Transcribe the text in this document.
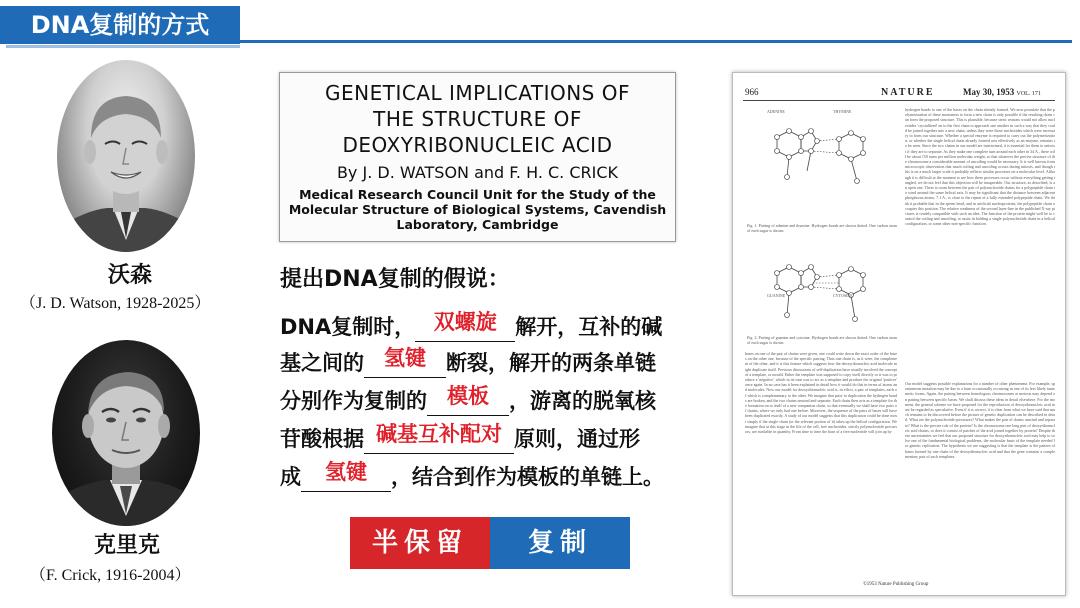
DNA复制的方式
沃森
（J. D. Watson, 1928-2025）
克里克
（F. Crick, 1916-2004）
GENETICAL IMPLICATIONS OF
THE STRUCTURE OF
DEOXYRIBONUCLEIC ACID
By J. D. WATSON and F. H. C. CRICK
Medical Research Council Unit for the Study of the
Molecular Structure of Biological Systems, Cavendish
Laboratory, Cambridge
提出DNA复制的假说：
DNA复制时， 双螺旋 解开，互补的碱
基之间的 氢键 断裂，解开的两条单链
分别作为复制的 模板 ，游离的脱氧核
苷酸根据 碱基互补配对 原则，通过形
成 氢键 ，结合到作为模板的单链上。
半保留	复制
966	NATURE	May 30, 1953 VOL. 171
ADENINE	THYMINE
Fig. 1. Pairing of adenine and thymine. Hydrogen bonds are shown dotted. One carbon atom of each sugar is shown.
GUANINE	CYTOSINE
Fig. 2. Pairing of guanine and cytosine. Hydrogen bonds are shown dotted. One carbon atom of each sugar is shown.
hydrogen bonds to one of the bases on the chain already formed. We now postulate that the polymerization of these monomers to form a new chain is only possible if the resulting chain can form the proposed structure. This is plausible, because steric reasons would not allow nucleotides 'crystallized' on to the first chain to approach one another in such a way that they could be joined together into a new chain, unless they were those nucleotides which were necessary to form our structure. Whether a special enzyme is required to carry out the polymerization, or whether the single helical chain already formed acts effectively as an enzyme, remains to be seen. Since the two chains in our model are intertwined, it is essential for them to untwist if they are to separate. As they make one complete turn around each other in 34 A., there will be about 150 turns per million molecular weight, so that whatever the precise structure of the chromosome a considerable amount of uncoiling would be necessary. It is well known from microscopic observation that much coiling and uncoiling occurs during mitosis, and though this is on a much larger scale it probably reflects similar processes on a molecular level. Although it is difficult at the moment to see how these processes occur without everything getting tangled, we do not feel that this objection will be insuperable. Our structure, as described, is an open one. There is room between the pair of polynucleotide chains for a polypeptide chain to wind around the same helical axis. It may be significant that the distance between adjacent phosphorus atoms, 7.1 A., is close to the repeat of a fully extended polypeptide chain. We think it probable that in the sperm head, and in artificial nucleoproteins, the polypeptide chain occupies this position. The relative weakness of the second layer-line in the published X-ray pictures is crudely compatible with such an idea. The function of the protein might well be to control the coiling and uncoiling, to assist in holding a single polynucleotide chain in a helical configuration, or some other non-specific function.
Our model suggests possible explanations for a number of other phenomena. For example, spontaneous mutation may be due to a base occasionally occurring in one of its less likely tautomeric forms. Again, the pairing between homologous chromosomes at meiosis may depend on pairing between specific bases. We shall discuss these ideas in detail elsewhere. For the moment, the general scheme we have proposed for the reproduction of deoxyribonucleic acid must be regarded as speculative. Even if it is correct, it is clear from what we have said that much remains to be discovered before the picture of genetic duplication can be described in detail. What are the polynucleotide precursors? What makes the pair of chains unwind and separate? What is the precise role of the protein? Is the chromosome one long pair of deoxyribonucleic acid chains, or does it consist of patches of the acid joined together by protein? Despite these uncertainties we feel that our proposed structure for deoxyribonucleic acid may help to solve one of the fundamental biological problems, the molecular basis of the template needed for genetic replication. The hypothesis we are suggesting is that the template is the pattern of bases formed by one chain of the deoxyribonucleic acid and that the gene contains a complementary pair of such templates.
bases on one of the pair of chains were given, one could write down the exact order of the bases on the other one, because of the specific pairing. Thus one chain is, as it were, the complement of the other, and it is this feature which suggests how the deoxyribonucleic acid molecule might duplicate itself. Previous discussions of self-duplication have usually involved the concept of a template, or mould. Either the template was supposed to copy itself directly or it was to produce a 'negative', which in its turn was to act as a template and produce the original 'positive' once again. In no case has it been explained in detail how it would do this in terms of atoms and molecules. Now our model for deoxyribonucleic acid is, in effect, a pair of templates, each of which is complementary to the other. We imagine that prior to duplication the hydrogen bonds are broken, and the two chains unwind and separate. Each chain then acts as a template for the formation on to itself of a new companion chain, so that eventually we shall have two pairs of chains, where we only had one before. Moreover, the sequence of the pairs of bases will have been duplicated exactly. A study of our model suggests that this duplication could be done most simply if the single chain (or the relevant portion of it) takes up the helical configuration. We imagine that at this stage in the life of the cell, free nucleotides, strictly polynucleotide precursors, are available in quantity. From time to time the base of a free nucleotide will join up by
©1953 Nature Publishing Group
